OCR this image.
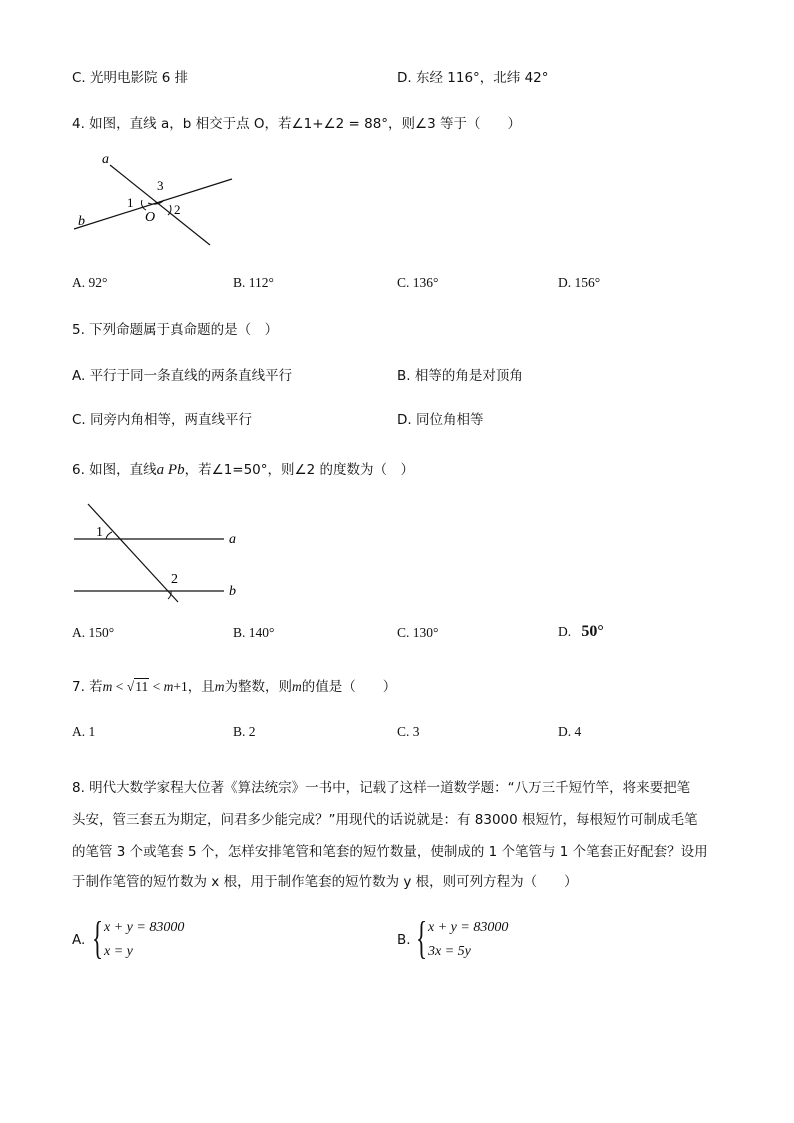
C. 光明电影院 6 排	D. 东经 116°，北纬 42°
4. 如图，直线 a，b 相交于点 O，若∠1+∠2 = 88°，则∠3 等于（　　）
a
b
3
1	2
O
A. 92°	B. 112°	C. 136°	D. 156°
5. 下列命题属于真命题的是（　）
A. 平行于同一条直线的两条直线平行	B. 相等的角是对顶角
C. 同旁内角相等，两直线平行	D. 同位角相等
6. 如图，直线a Pb，若∠1=50°，则∠2 的度数为（　）
1
2
a
b
A. 150°	B. 140°	C. 130°	D. 50°
7. 若m < √11 < m+1，且m为整数，则m的值是（　　）
A. 1	B. 2	C. 3	D. 4
8. 明代大数学家程大位著《算法统宗》一书中，记载了这样一道数学题：“八万三千短竹竿，将来要把笔
头安，管三套五为期定，问君多少能完成？”用现代的话说就是：有 83000 根短竹，每根短竹可制成毛笔
的笔管 3 个或笔套 5 个，怎样安排笔管和笔套的短竹数量，使制成的 1 个笔管与 1 个笔套正好配套？设用
于制作笔管的短竹数为 x 根，用于制作笔套的短竹数为 y 根，则可列方程为（　　）
A. { x + y = 83000
x = y
B. { x + y = 83000
3x = 5y
